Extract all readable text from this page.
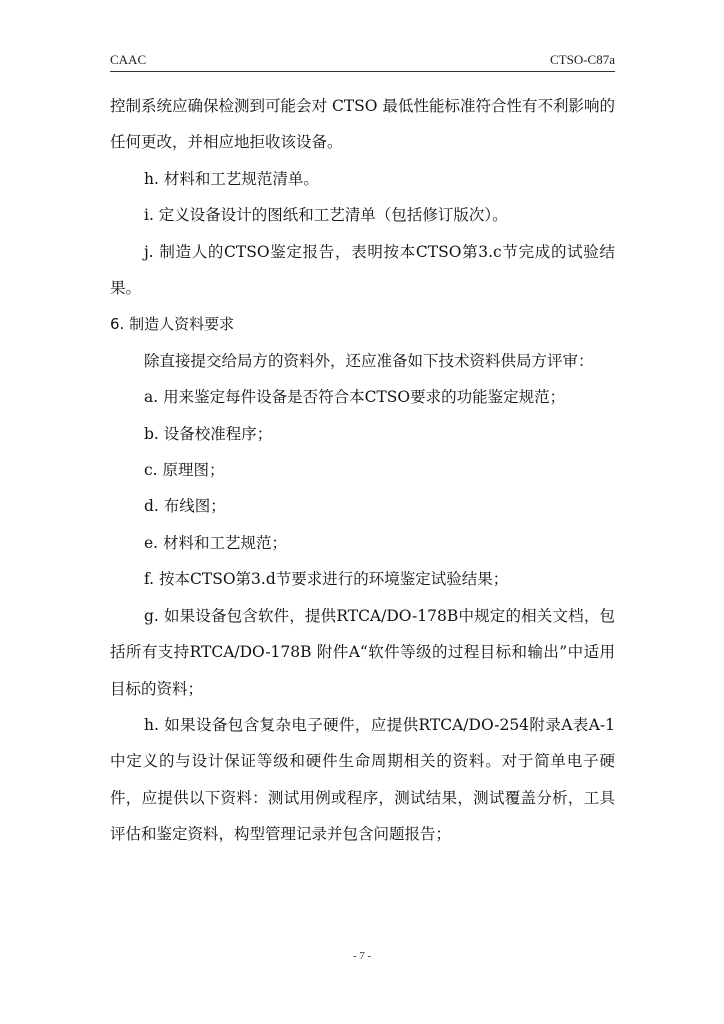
CAAC	CTSO-C87a

控制系统应确保检测到可能会对 CTSO 最低性能标准符合性有不利影响的任何更改，并相应地拒收该设备。

h. 材料和工艺规范清单。

i. 定义设备设计的图纸和工艺清单（包括修订版次）。

j. 制造人的CTSO鉴定报告，表明按本CTSO第3.c节完成的试验结果。

6. 制造人资料要求

除直接提交给局方的资料外，还应准备如下技术资料供局方评审：

a. 用来鉴定每件设备是否符合本CTSO要求的功能鉴定规范；

b. 设备校准程序；

c. 原理图；

d. 布线图；

e. 材料和工艺规范；

f. 按本CTSO第3.d节要求进行的环境鉴定试验结果；

g. 如果设备包含软件，提供RTCA/DO-178B中规定的相关文档，包括所有支持RTCA/DO-178B 附件A“软件等级的过程目标和输出”中适用目标的资料；

h. 如果设备包含复杂电子硬件，应提供RTCA/DO-254附录A表A-1中定义的与设计保证等级和硬件生命周期相关的资料。对于简单电子硬件，应提供以下资料：测试用例或程序，测试结果，测试覆盖分析，工具评估和鉴定资料，构型管理记录并包含问题报告；

- 7 -
